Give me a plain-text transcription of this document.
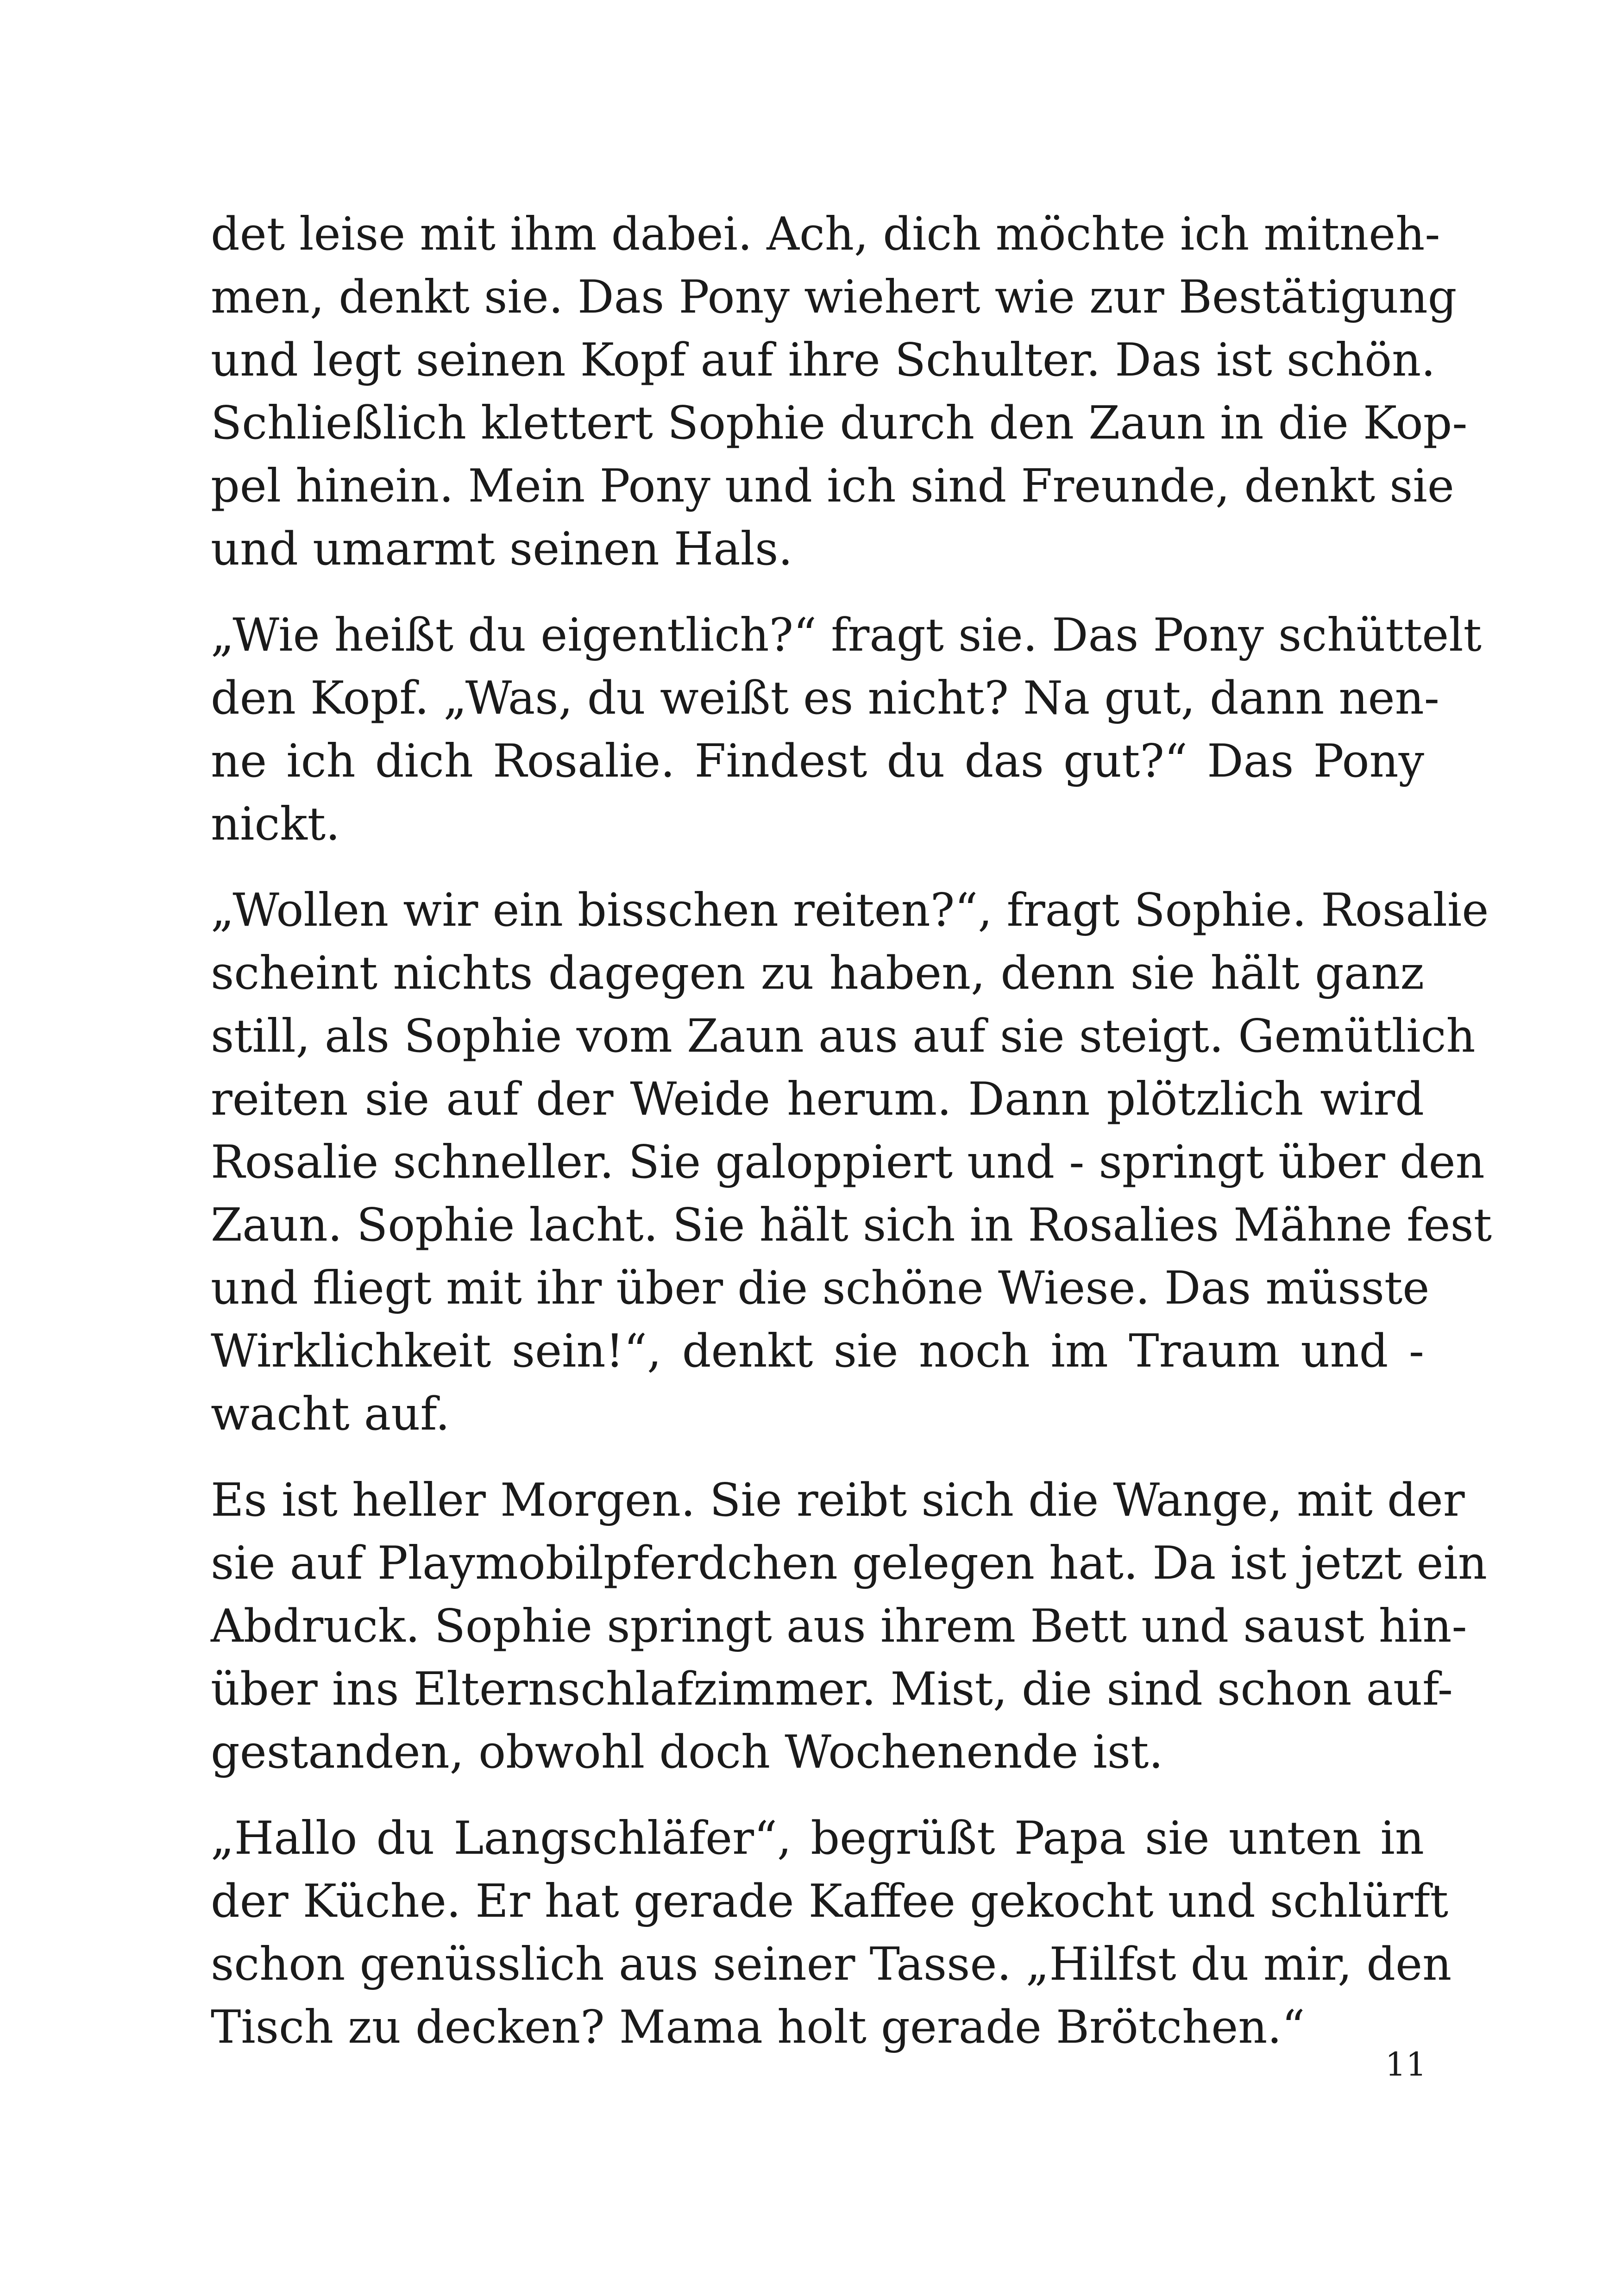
det leise mit ihm dabei. Ach, dich möchte ich mitneh-
men, denkt sie. Das Pony wiehert wie zur Bestätigung
und legt seinen Kopf auf ihre Schulter. Das ist schön.
Schließlich klettert Sophie durch den Zaun in die Kop-
pel hinein. Mein Pony und ich sind Freunde, denkt sie
und umarmt seinen Hals.
„Wie heißt du eigentlich?“ fragt sie. Das Pony schüttelt
den Kopf. „Was, du weißt es nicht? Na gut, dann nen-
ne ich dich Rosalie. Findest du das gut?“ Das Pony
nickt.
„Wollen wir ein bisschen reiten?“, fragt Sophie. Rosalie
scheint nichts dagegen zu haben, denn sie hält ganz
still, als Sophie vom Zaun aus auf sie steigt. Gemütlich
reiten sie auf der Weide herum. Dann plötzlich wird
Rosalie schneller. Sie galoppiert und - springt über den
Zaun. Sophie lacht. Sie hält sich in Rosalies Mähne fest
und fliegt mit ihr über die schöne Wiese. Das müsste
Wirklichkeit sein!“, denkt sie noch im Traum und -
wacht auf.
Es ist heller Morgen. Sie reibt sich die Wange, mit der
sie auf Playmobilpferdchen gelegen hat. Da ist jetzt ein
Abdruck. Sophie springt aus ihrem Bett und saust hin-
über ins Elternschlafzimmer. Mist, die sind schon auf-
gestanden, obwohl doch Wochenende ist.
„Hallo du Langschläfer“, begrüßt Papa sie unten in
der Küche. Er hat gerade Kaffee gekocht und schlürft
schon genüsslich aus seiner Tasse. „Hilfst du mir, den
Tisch zu decken? Mama holt gerade Brötchen.“
11
